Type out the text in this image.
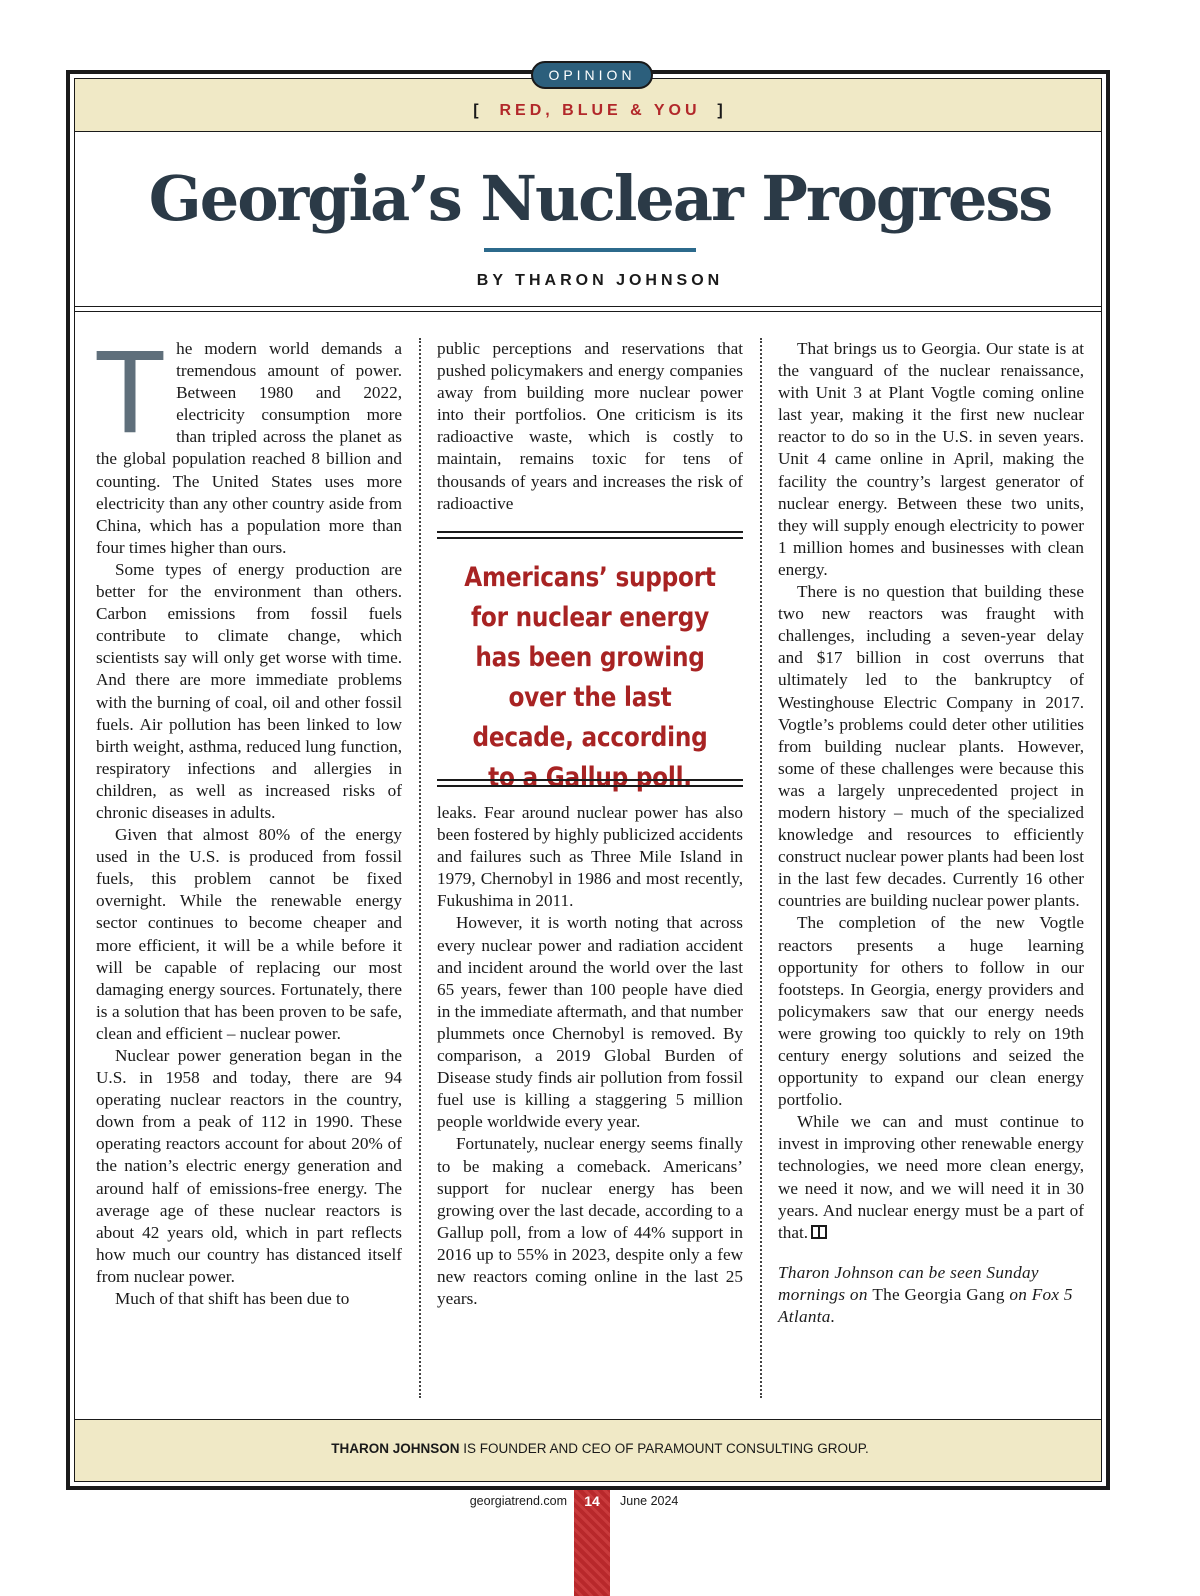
OPINION
[ RED, BLUE & YOU ]
Georgia’s Nuclear Progress
BY THARON JOHNSON

The modern world demands a tremendous amount of power. Between 1980 and 2022, electricity consumption more than tripled across the planet as the global population reached 8 billion and counting. The United States uses more electricity than any other country aside from China, which has a population more than four times higher than ours.

Some types of energy production are better for the environment than others. Carbon emissions from fossil fuels contribute to climate change, which scientists say will only get worse with time. And there are more immediate problems with the burning of coal, oil and other fossil fuels. Air pollution has been linked to low birth weight, asthma, reduced lung function, respiratory infections and allergies in children, as well as increased risks of chronic diseases in adults.

Given that almost 80% of the energy used in the U.S. is produced from fossil fuels, this problem cannot be fixed overnight. While the renewable energy sector continues to become cheaper and more efficient, it will be a while before it will be capable of replacing our most damaging energy sources. Fortunately, there is a solution that has been proven to be safe, clean and efficient – nuclear power.

Nuclear power generation began in the U.S. in 1958 and today, there are 94 operating nuclear reactors in the country, down from a peak of 112 in 1990. These operating reactors account for about 20% of the nation’s electric energy generation and around half of emissions-free energy. The average age of these nuclear reactors is about 42 years old, which in part reflects how much our country has distanced itself from nuclear power.

Much of that shift has been due to

public perceptions and reservations that pushed policymakers and energy companies away from building more nuclear power into their portfolios. One criticism is its radioactive waste, which is costly to maintain, remains toxic for tens of thousands of years and increases the risk of radioactive

Americans’ support for nuclear energy has been growing over the last decade, according to a Gallup poll.

leaks. Fear around nuclear power has also been fostered by highly publicized accidents and failures such as Three Mile Island in 1979, Chernobyl in 1986 and most recently, Fukushima in 2011.

However, it is worth noting that across every nuclear power and radiation accident and incident around the world over the last 65 years, fewer than 100 people have died in the immediate aftermath, and that number plummets once Chernobyl is removed. By comparison, a 2019 Global Burden of Disease study finds air pollution from fossil fuel use is killing a staggering 5 million people worldwide every year.

Fortunately, nuclear energy seems finally to be making a comeback. Americans’ support for nuclear energy has been growing over the last decade, according to a Gallup poll, from a low of 44% support in 2016 up to 55% in 2023, despite only a few new reactors coming online in the last 25 years.

That brings us to Georgia. Our state is at the vanguard of the nuclear renaissance, with Unit 3 at Plant Vogtle coming online last year, making it the first new nuclear reactor to do so in the U.S. in seven years. Unit 4 came online in April, making the facility the country’s largest generator of nuclear energy. Between these two units, they will supply enough electricity to power 1 million homes and businesses with clean energy.

There is no question that building these two new reactors was fraught with challenges, including a seven-year delay and $17 billion in cost overruns that ultimately led to the bankruptcy of Westinghouse Electric Company in 2017. Vogtle’s problems could deter other utilities from building nuclear plants. However, some of these challenges were because this was a largely unprecedented project in modern history – much of the specialized knowledge and resources to efficiently construct nuclear power plants had been lost in the last few decades. Currently 16 other countries are building nuclear power plants.

The completion of the new Vogtle reactors presents a huge learning opportunity for others to follow in our footsteps. In Georgia, energy providers and policymakers saw that our energy needs were growing too quickly to rely on 19th century energy solutions and seized the opportunity to expand our clean energy portfolio.

While we can and must continue to invest in improving other renewable energy technologies, we need more clean energy, we need it now, and we will need it in 30 years. And nuclear energy must be a part of that.

Tharon Johnson can be seen Sunday mornings on The Georgia Gang on Fox 5 Atlanta.

THARON JOHNSON IS FOUNDER AND CEO OF PARAMOUNT CONSULTING GROUP.
georgiatrend.com	14	June 2024
